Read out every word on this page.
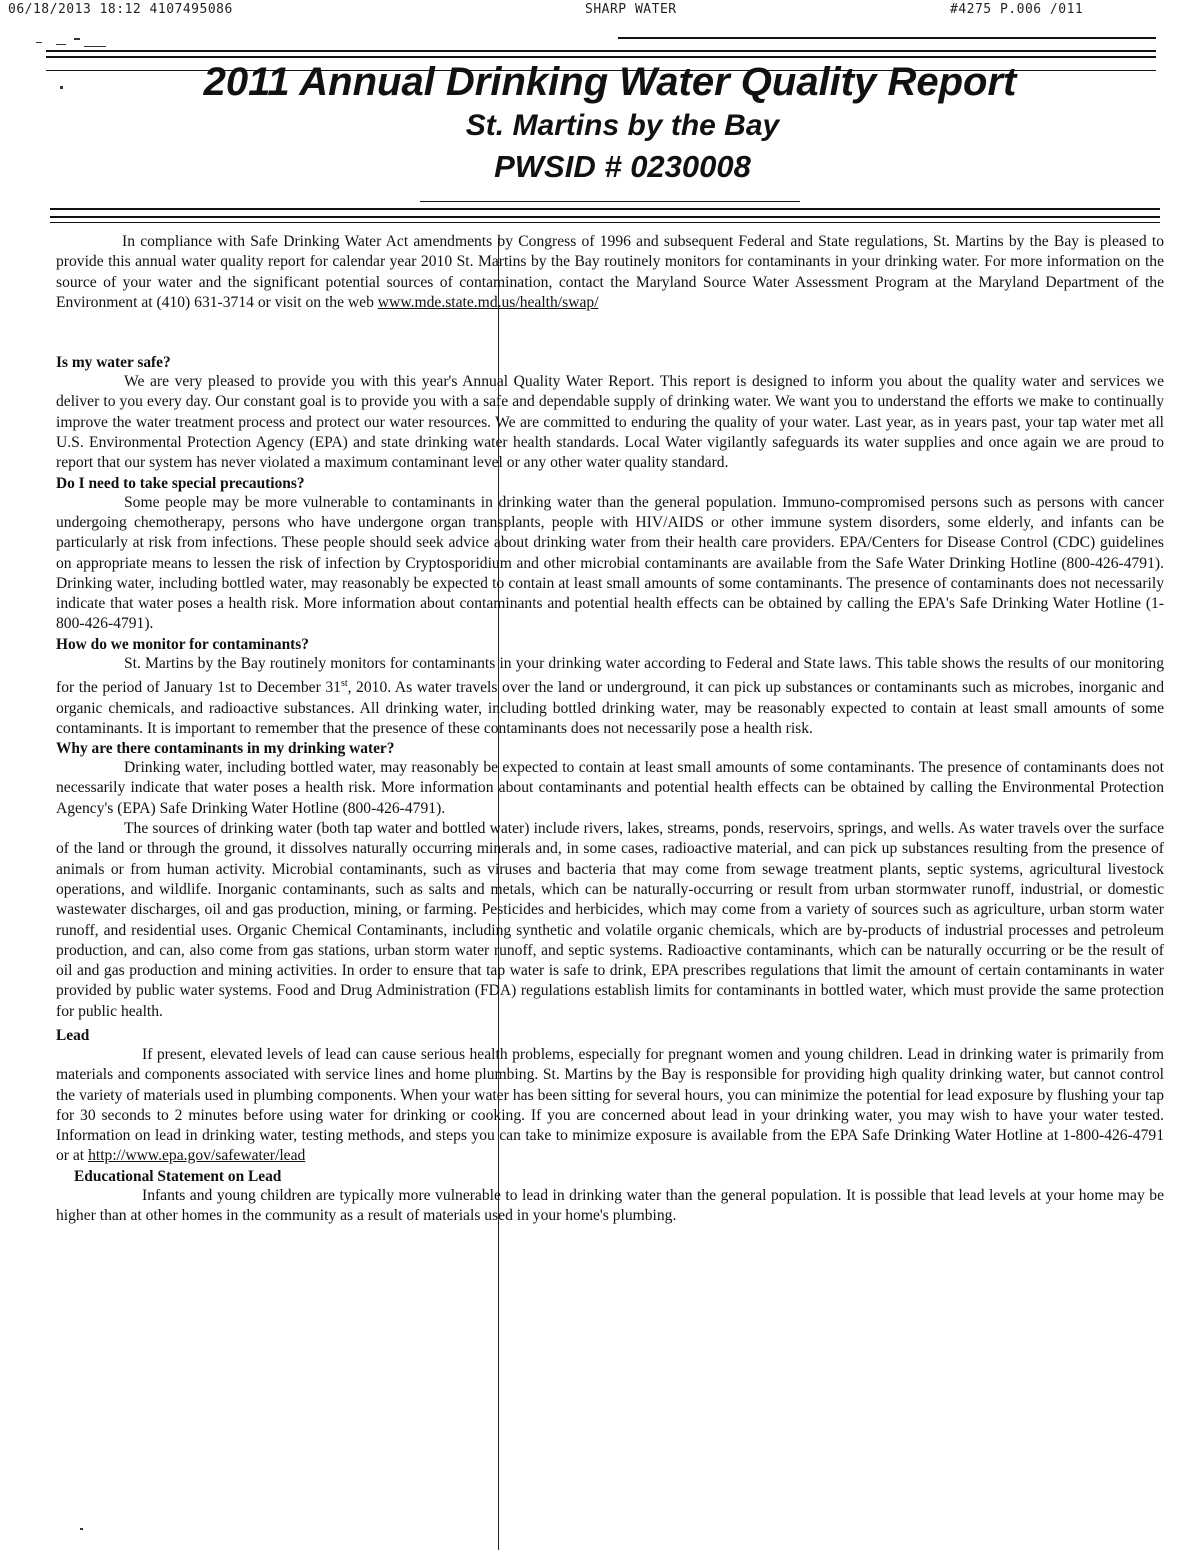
06/18/2013 18:12 4107495086	SHARP WATER	#4275 P.006 /011
2011 Annual Drinking Water Quality Report
St. Martins by the Bay
PWSID # 0230008

In compliance with Safe Drinking Water Act amendments by Congress of 1996 and subsequent Federal and State regulations, St. Martins by the Bay is pleased to provide this annual water quality report for calendar year 2010 St. Martins by the Bay routinely monitors for contaminants in your drinking water. For more information on the source of your water and the significant potential sources of contamination, contact the Maryland Source Water Assessment Program at the Maryland Department of the Environment at (410) 631-3714 or visit on the web www.mde.state.md.us/health/swap/

Is my water safe?

We are very pleased to provide you with this year's Annual Quality Water Report. This report is designed to inform you about the quality water and services we deliver to you every day. Our constant goal is to provide you with a safe and dependable supply of drinking water. We want you to understand the efforts we make to continually improve the water treatment process and protect our water resources. We are committed to enduring the quality of your water. Last year, as in years past, your tap water met all U.S. Environmental Protection Agency (EPA) and state drinking water health standards. Local Water vigilantly safeguards its water supplies and once again we are proud to report that our system has never violated a maximum contaminant level or any other water quality standard.

Do I need to take special precautions?

Some people may be more vulnerable to contaminants in drinking water than the general population. Immuno-compromised persons such as persons with cancer undergoing chemotherapy, persons who have undergone organ transplants, people with HIV/AIDS or other immune system disorders, some elderly, and infants can be particularly at risk from infections. These people should seek advice about drinking water from their health care providers. EPA/Centers for Disease Control (CDC) guidelines on appropriate means to lessen the risk of infection by Cryptosporidium and other microbial contaminants are available from the Safe Water Drinking Hotline (800-426-4791). Drinking water, including bottled water, may reasonably be expected to contain at least small amounts of some contaminants. The presence of contaminants does not necessarily indicate that water poses a health risk. More information about contaminants and potential health effects can be obtained by calling the EPA's Safe Drinking Water Hotline (1-800-426-4791).

How do we monitor for contaminants?

St. Martins by the Bay routinely monitors for contaminants in your drinking water according to Federal and State laws. This table shows the results of our monitoring for the period of January 1st to December 31st, 2010. As water travels over the land or underground, it can pick up substances or contaminants such as microbes, inorganic and organic chemicals, and radioactive substances. All drinking water, including bottled drinking water, may be reasonably expected to contain at least small amounts of some contaminants. It is important to remember that the presence of these contaminants does not necessarily pose a health risk.

Why are there contaminants in my drinking water?

Drinking water, including bottled water, may reasonably be expected to contain at least small amounts of some contaminants. The presence of contaminants does not necessarily indicate that water poses a health risk. More information about contaminants and potential health effects can be obtained by calling the Environmental Protection Agency's (EPA) Safe Drinking Water Hotline (800-426-4791).

The sources of drinking water (both tap water and bottled water) include rivers, lakes, streams, ponds, reservoirs, springs, and wells. As water travels over the surface of the land or through the ground, it dissolves naturally occurring minerals and, in some cases, radioactive material, and can pick up substances resulting from the presence of animals or from human activity. Microbial contaminants, such as viruses and bacteria that may come from sewage treatment plants, septic systems, agricultural livestock operations, and wildlife. Inorganic contaminants, such as salts and metals, which can be naturally-occurring or result from urban stormwater runoff, industrial, or domestic wastewater discharges, oil and gas production, mining, or farming. Pesticides and herbicides, which may come from a variety of sources such as agriculture, urban storm water runoff, and residential uses. Organic Chemical Contaminants, including synthetic and volatile organic chemicals, which are by-products of industrial processes and petroleum production, and can, also come from gas stations, urban storm water runoff, and septic systems. Radioactive contaminants, which can be naturally occurring or be the result of oil and gas production and mining activities. In order to ensure that tap water is safe to drink, EPA prescribes regulations that limit the amount of certain contaminants in water provided by public water systems. Food and Drug Administration (FDA) regulations establish limits for contaminants in bottled water, which must provide the same protection for public health.

Lead

If present, elevated levels of lead can cause serious health problems, especially for pregnant women and young children. Lead in drinking water is primarily from materials and components associated with service lines and home plumbing. St. Martins by the Bay is responsible for providing high quality drinking water, but cannot control the variety of materials used in plumbing components. When your water has been sitting for several hours, you can minimize the potential for lead exposure by flushing your tap for 30 seconds to 2 minutes before using water for drinking or cooking. If you are concerned about lead in your drinking water, you may wish to have your water tested. Information on lead in drinking water, testing methods, and steps you can take to minimize exposure is available from the EPA Safe Drinking Water Hotline at 1-800-426-4791 or at http://www.epa.gov/safewater/lead

Educational Statement on Lead

Infants and young children are typically more vulnerable to lead in drinking water than the general population. It is possible that lead levels at your home may be higher than at other homes in the community as a result of materials used in your home's plumbing.
